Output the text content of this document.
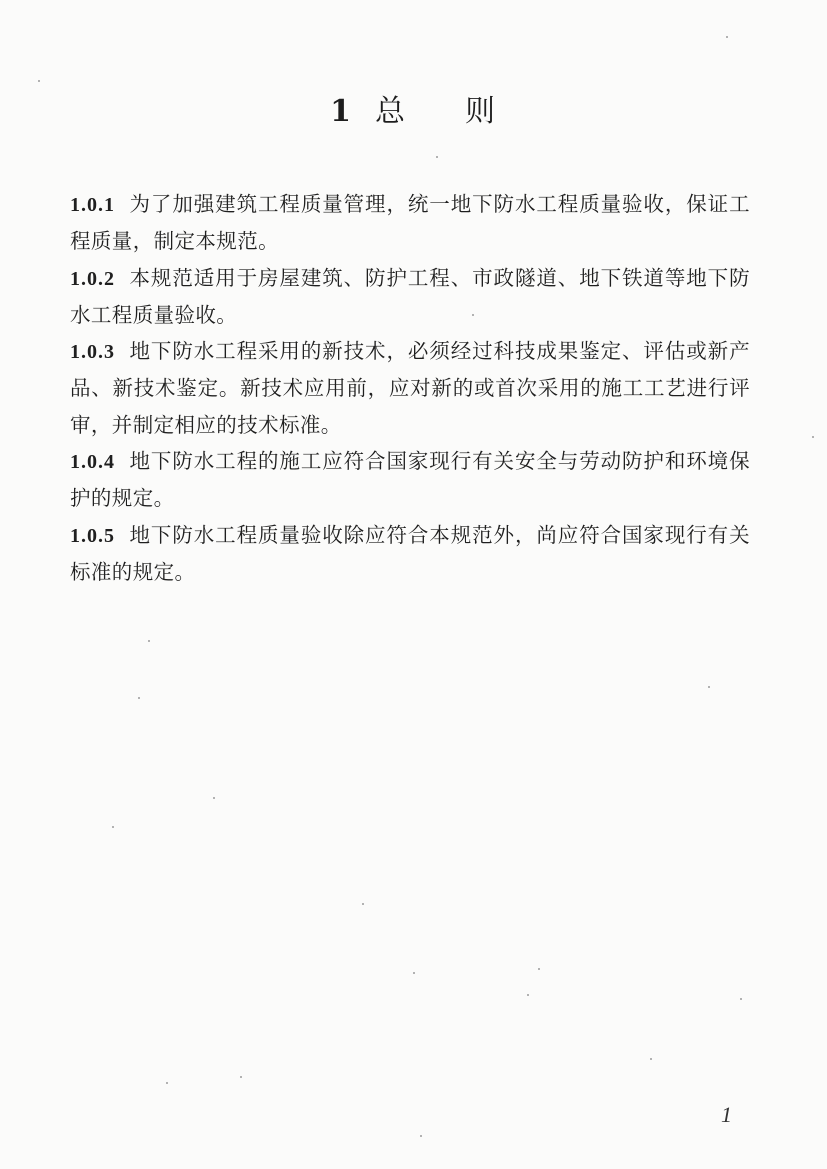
1 总 则

1.0.1 为了加强建筑工程质量管理，统一地下防水工程质量验收，保证工程质量，制定本规范。

1.0.2 本规范适用于房屋建筑、防护工程、市政隧道、地下铁道等地下防水工程质量验收。

1.0.3 地下防水工程采用的新技术，必须经过科技成果鉴定、评估或新产品、新技术鉴定。新技术应用前，应对新的或首次采用的施工工艺进行评审，并制定相应的技术标准。

1.0.4 地下防水工程的施工应符合国家现行有关安全与劳动防护和环境保护的规定。

1.0.5 地下防水工程质量验收除应符合本规范外，尚应符合国家现行有关标准的规定。

1
